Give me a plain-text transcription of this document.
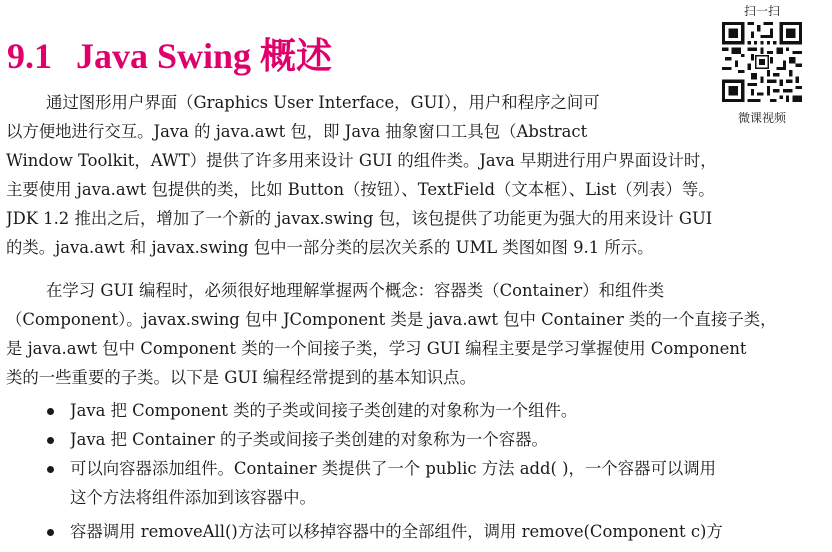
9.1 Java Swing 概述
扫一扫
微课视频
通过图形用户界面（Graphics User Interface，GUI），用户和程序之间可
以方便地进行交互。Java 的 java.awt 包，即 Java 抽象窗口工具包（Abstract
Window Toolkit，AWT）提供了许多用来设计 GUI 的组件类。Java 早期进行用户界面设计时，
主要使用 java.awt 包提供的类，比如 Button（按钮）、TextField（文本框）、List（列表）等。
JDK 1.2 推出之后，增加了一个新的 javax.swing 包，该包提供了功能更为强大的用来设计 GUI
的类。java.awt 和 javax.swing 包中一部分类的层次关系的 UML 类图如图 9.1 所示。
在学习 GUI 编程时，必须很好地理解掌握两个概念：容器类（Container）和组件类
（Component）。javax.swing 包中 JComponent 类是 java.awt 包中 Container 类的一个直接子类，
是 java.awt 包中 Component 类的一个间接子类，学习 GUI 编程主要是学习掌握使用 Component
类的一些重要的子类。以下是 GUI 编程经常提到的基本知识点。
Java 把 Component 类的子类或间接子类创建的对象称为一个组件。
Java 把 Container 的子类或间接子类创建的对象称为一个容器。
可以向容器添加组件。Container 类提供了一个 public 方法 add( )，一个容器可以调用
这个方法将组件添加到该容器中。
容器调用 removeAll()方法可以移掉容器中的全部组件，调用 remove(Component c)方
